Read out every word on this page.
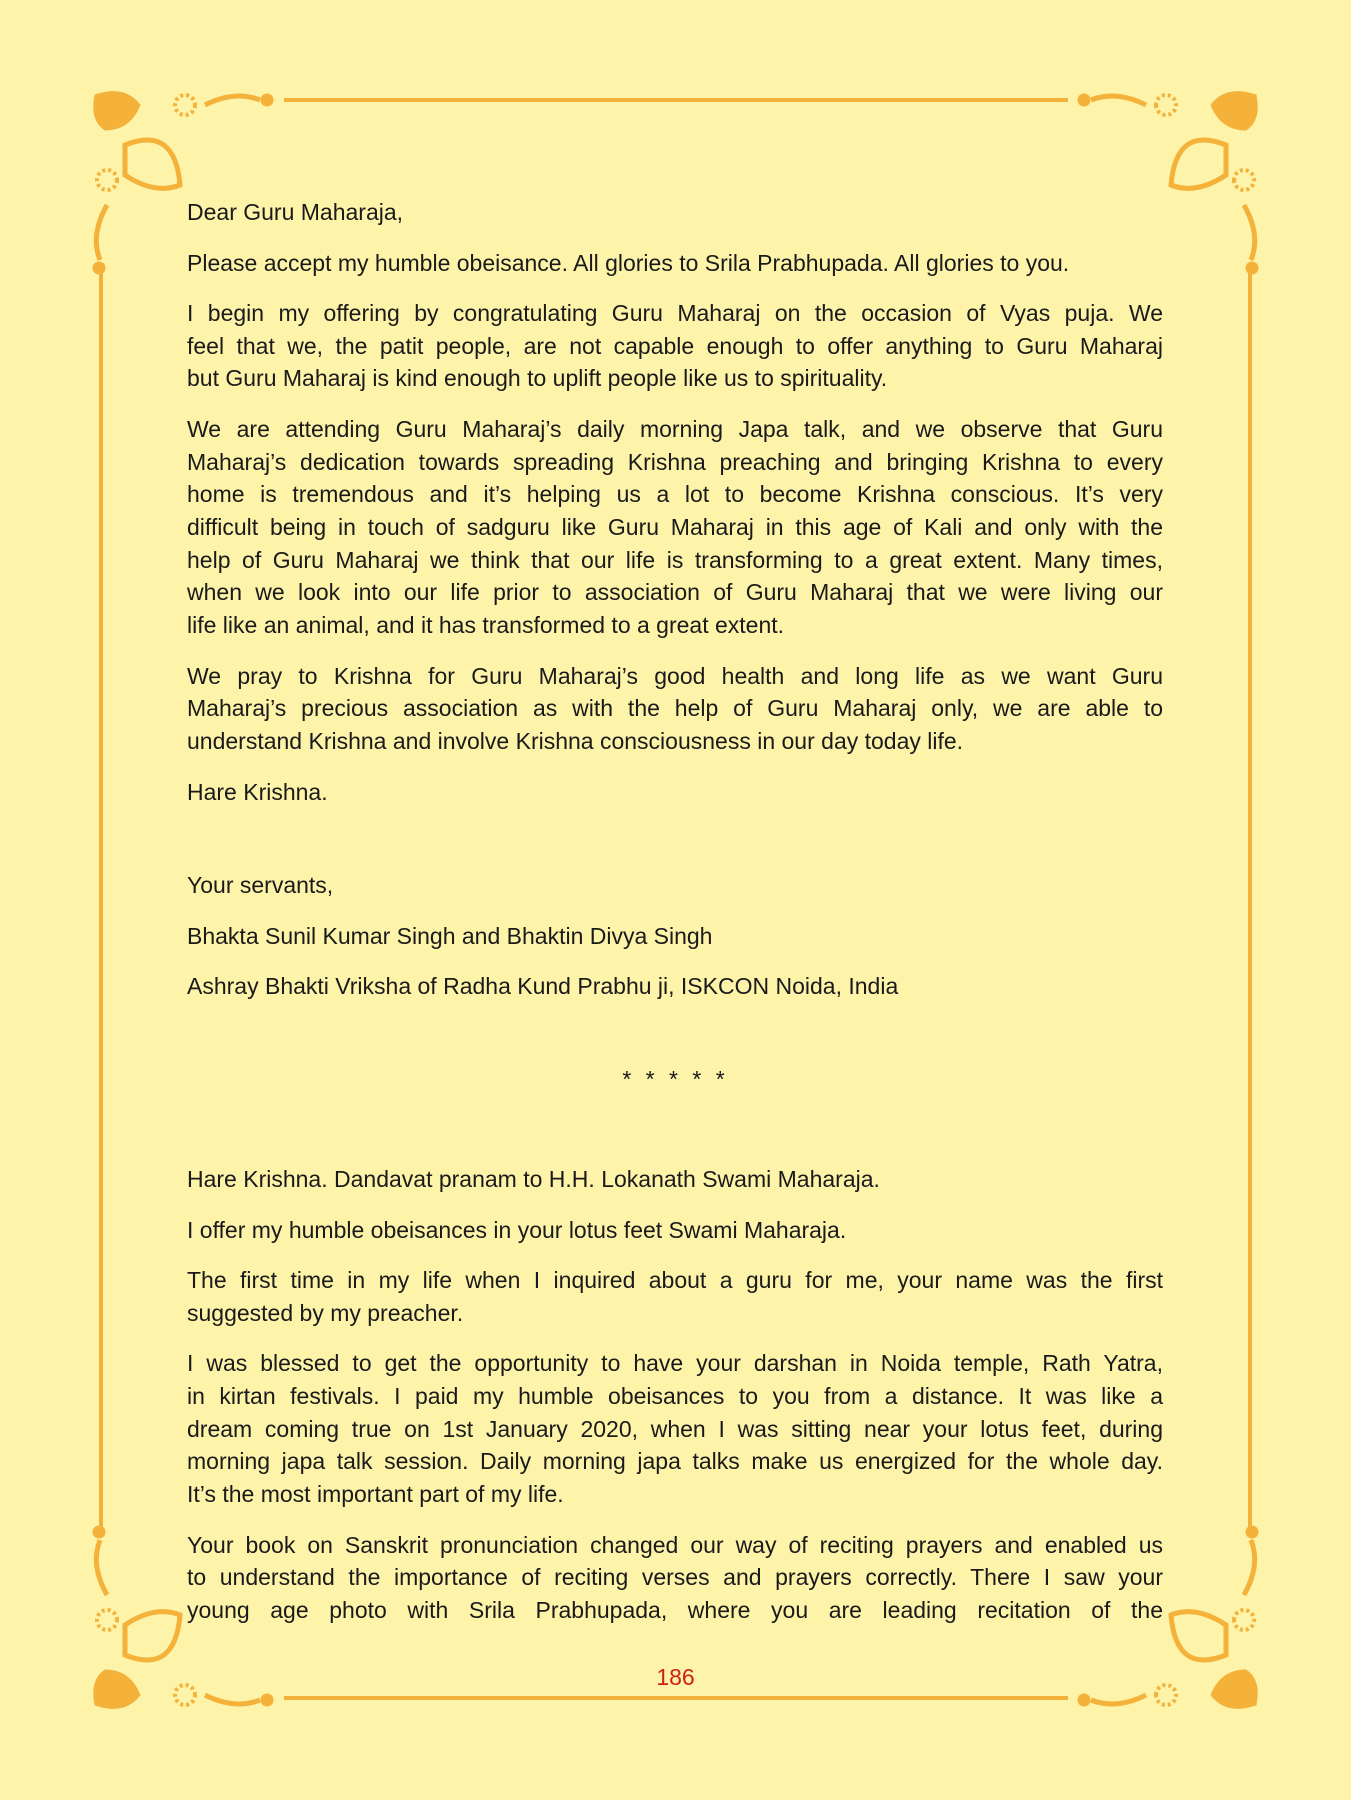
Dear Guru Maharaja,
Please accept my humble obeisance. All glories to Srila Prabhupada. All glories to you.
I begin my offering by congratulating Guru Maharaj on the occasion of Vyas puja. We
feel that we, the patit people, are not capable enough to offer anything to Guru Maharaj
but Guru Maharaj is kind enough to uplift people like us to spirituality.
We are attending Guru Maharaj’s daily morning Japa talk, and we observe that Guru
Maharaj’s dedication towards spreading Krishna preaching and bringing Krishna to every
home is tremendous and it’s helping us a lot to become Krishna conscious. It’s very
difficult being in touch of sadguru like Guru Maharaj in this age of Kali and only with the
help of Guru Maharaj we think that our life is transforming to a great extent. Many times,
when we look into our life prior to association of Guru Maharaj that we were living our
life like an animal, and it has transformed to a great extent.
We pray to Krishna for Guru Maharaj’s good health and long life as we want Guru
Maharaj’s precious association as with the help of Guru Maharaj only, we are able to
understand Krishna and involve Krishna consciousness in our day today life.
Hare Krishna.
Your servants,
Bhakta Sunil Kumar Singh and Bhaktin Divya Singh
Ashray Bhakti Vriksha of Radha Kund Prabhu ji, ISKCON Noida, India
* * * * *
Hare Krishna. Dandavat pranam to H.H. Lokanath Swami Maharaja.
I offer my humble obeisances in your lotus feet Swami Maharaja.
The first time in my life when I inquired about a guru for me, your name was the first
suggested by my preacher.
I was blessed to get the opportunity to have your darshan in Noida temple, Rath Yatra,
in kirtan festivals. I paid my humble obeisances to you from a distance. It was like a
dream coming true on 1st January 2020, when I was sitting near your lotus feet, during
morning japa talk session. Daily morning japa talks make us energized for the whole day.
It’s the most important part of my life.
Your book on Sanskrit pronunciation changed our way of reciting prayers and enabled us
to understand the importance of reciting verses and prayers correctly. There I saw your
young age photo with Srila Prabhupada, where you are leading recitation of the
186
